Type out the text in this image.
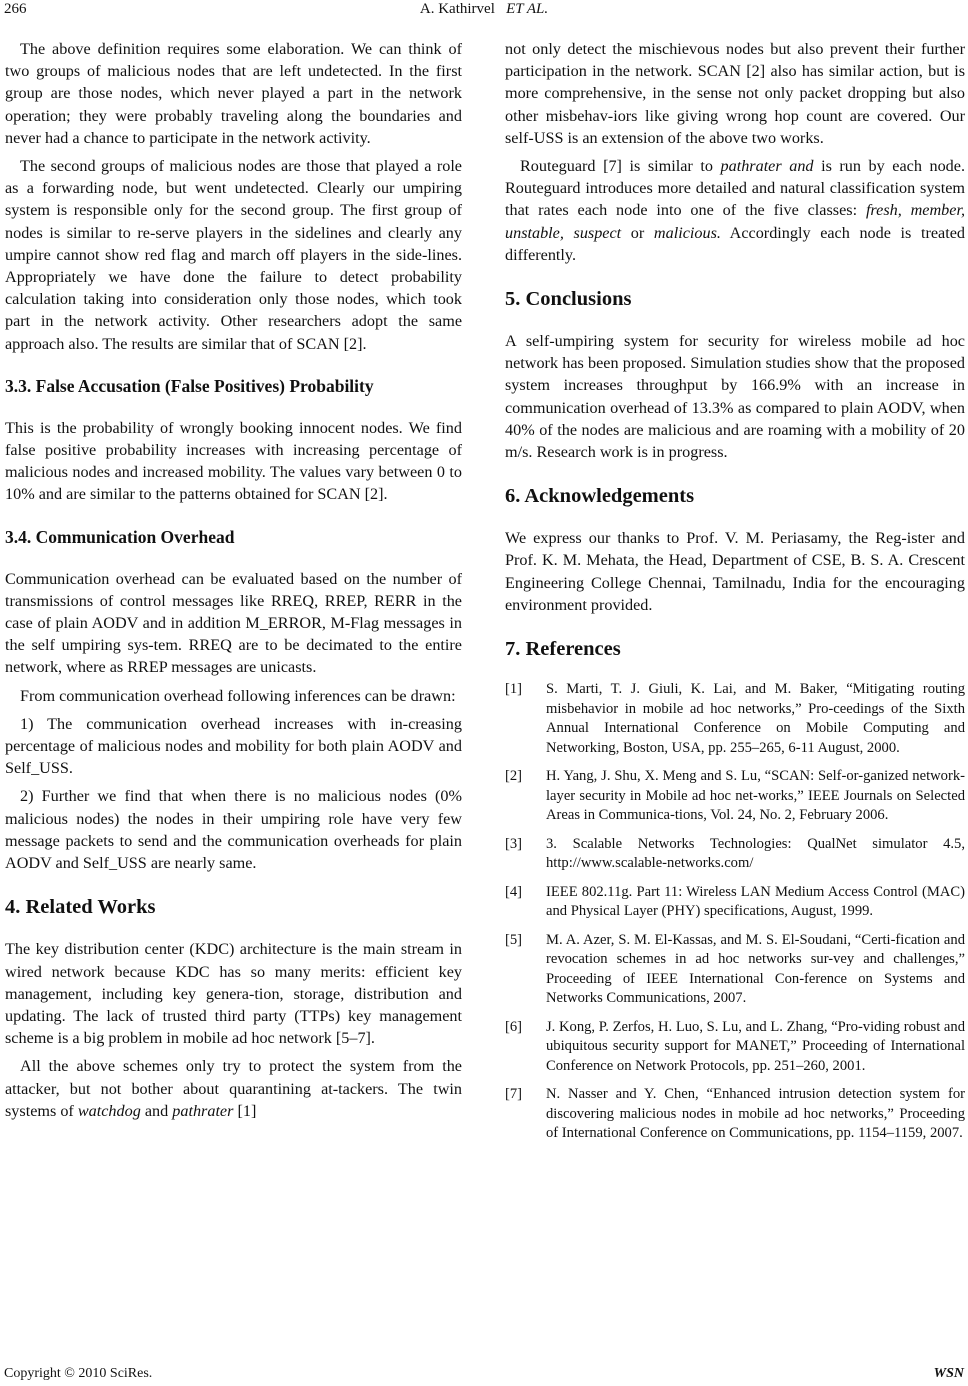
266	A. Kathirvel ET AL.

The above definition requires some elaboration. We can think of two groups of malicious nodes that are left undetected. In the first group are those nodes, which never played a part in the network operation; they were probably traveling along the boundaries and never had a chance to participate in the network activity.

The second groups of malicious nodes are those that played a role as a forwarding node, but went undetected. Clearly our umpiring system is responsible only for the second group. The first group of nodes is similar to re-serve players in the sidelines and clearly any umpire cannot show red flag and march off players in the side-lines. Appropriately we have done the failure to detect probability calculation taking into consideration only those nodes, which took part in the network activity. Other researchers adopt the same approach also. The results are similar that of SCAN [2].

3.3. False Accusation (False Positives) Probability

This is the probability of wrongly booking innocent nodes. We find false positive probability increases with increasing percentage of malicious nodes and increased mobility. The values vary between 0 to 10% and are similar to the patterns obtained for SCAN [2].

3.4. Communication Overhead

Communication overhead can be evaluated based on the number of transmissions of control messages like RREQ, RREP, RERR in the case of plain AODV and in addition M_ERROR, M-Flag messages in the self umpiring sys-tem. RREQ are to be decimated to the entire network, where as RREP messages are unicasts.

From communication overhead following inferences can be drawn:

1) The communication overhead increases with in-creasing percentage of malicious nodes and mobility for both plain AODV and Self_USS.

2) Further we find that when there is no malicious nodes (0% malicious nodes) the nodes in their umpiring role have very few message packets to send and the communication overheads for plain AODV and Self_USS are nearly same.

4. Related Works

The key distribution center (KDC) architecture is the main stream in wired network because KDC has so many merits: efficient key management, including key genera-tion, storage, distribution and updating. The lack of trusted third party (TTPs) key management scheme is a big problem in mobile ad hoc network [5–7].

All the above schemes only try to protect the system from the attacker, but not bother about quarantining at-tackers. The twin systems of watchdog and pathrater [1]

not only detect the mischievous nodes but also prevent their further participation in the network. SCAN [2] also has similar action, but is more comprehensive, in the sense not only packet dropping but also other misbehav-iors like giving wrong hop count are covered. Our self-USS is an extension of the above two works.

Routeguard [7] is similar to pathrater and is run by each node. Routeguard introduces more detailed and natural classification system that rates each node into one of the five classes: fresh, member, unstable, suspect or malicious. Accordingly each node is treated differently.

5. Conclusions

A self-umpiring system for security for wireless mobile ad hoc network has been proposed. Simulation studies show that the proposed system increases throughput by 166.9% with an increase in communication overhead of 13.3% as compared to plain AODV, when 40% of the nodes are malicious and are roaming with a mobility of 20 m/s. Research work is in progress.

6. Acknowledgements

We express our thanks to Prof. V. M. Periasamy, the Reg-ister and Prof. K. M. Mehata, the Head, Department of CSE, B. S. A. Crescent Engineering College Chennai, Tamilnadu, India for the encouraging environment provided.

7. References
[1]	S. Marti, T. J. Giuli, K. Lai, and M. Baker, “Mitigating routing misbehavior in mobile ad hoc networks,” Pro-ceedings of the Sixth Annual International Conference on Mobile Computing and Networking, Boston, USA, pp. 255–265, 6-11 August, 2000.
[2]	H. Yang, J. Shu, X. Meng and S. Lu, “SCAN: Self-or-ganized network-layer security in Mobile ad hoc net-works,” IEEE Journals on Selected Areas in Communica-tions, Vol. 24, No. 2, February 2006.
[3]	3. Scalable Networks Technologies: QualNet simulator 4.5, http://www.scalable-networks.com/
[4]	IEEE 802.11g. Part 11: Wireless LAN Medium Access Control (MAC) and Physical Layer (PHY) specifications, August, 1999.
[5]	M. A. Azer, S. M. El-Kassas, and M. S. El-Soudani, “Certi-fication and revocation schemes in ad hoc networks sur-vey and challenges,” Proceeding of IEEE International Con-ference on Systems and Networks Communications, 2007.
[6]	J. Kong, P. Zerfos, H. Luo, S. Lu, and L. Zhang, “Pro-viding robust and ubiquitous security support for MANET,” Proceeding of International Conference on Network Protocols, pp. 251–260, 2001.
[7]	N. Nasser and Y. Chen, “Enhanced intrusion detection system for discovering malicious nodes in mobile ad hoc networks,” Proceeding of International Conference on Communications, pp. 1154–1159, 2007.
Copyright © 2010 SciRes.	WSN
